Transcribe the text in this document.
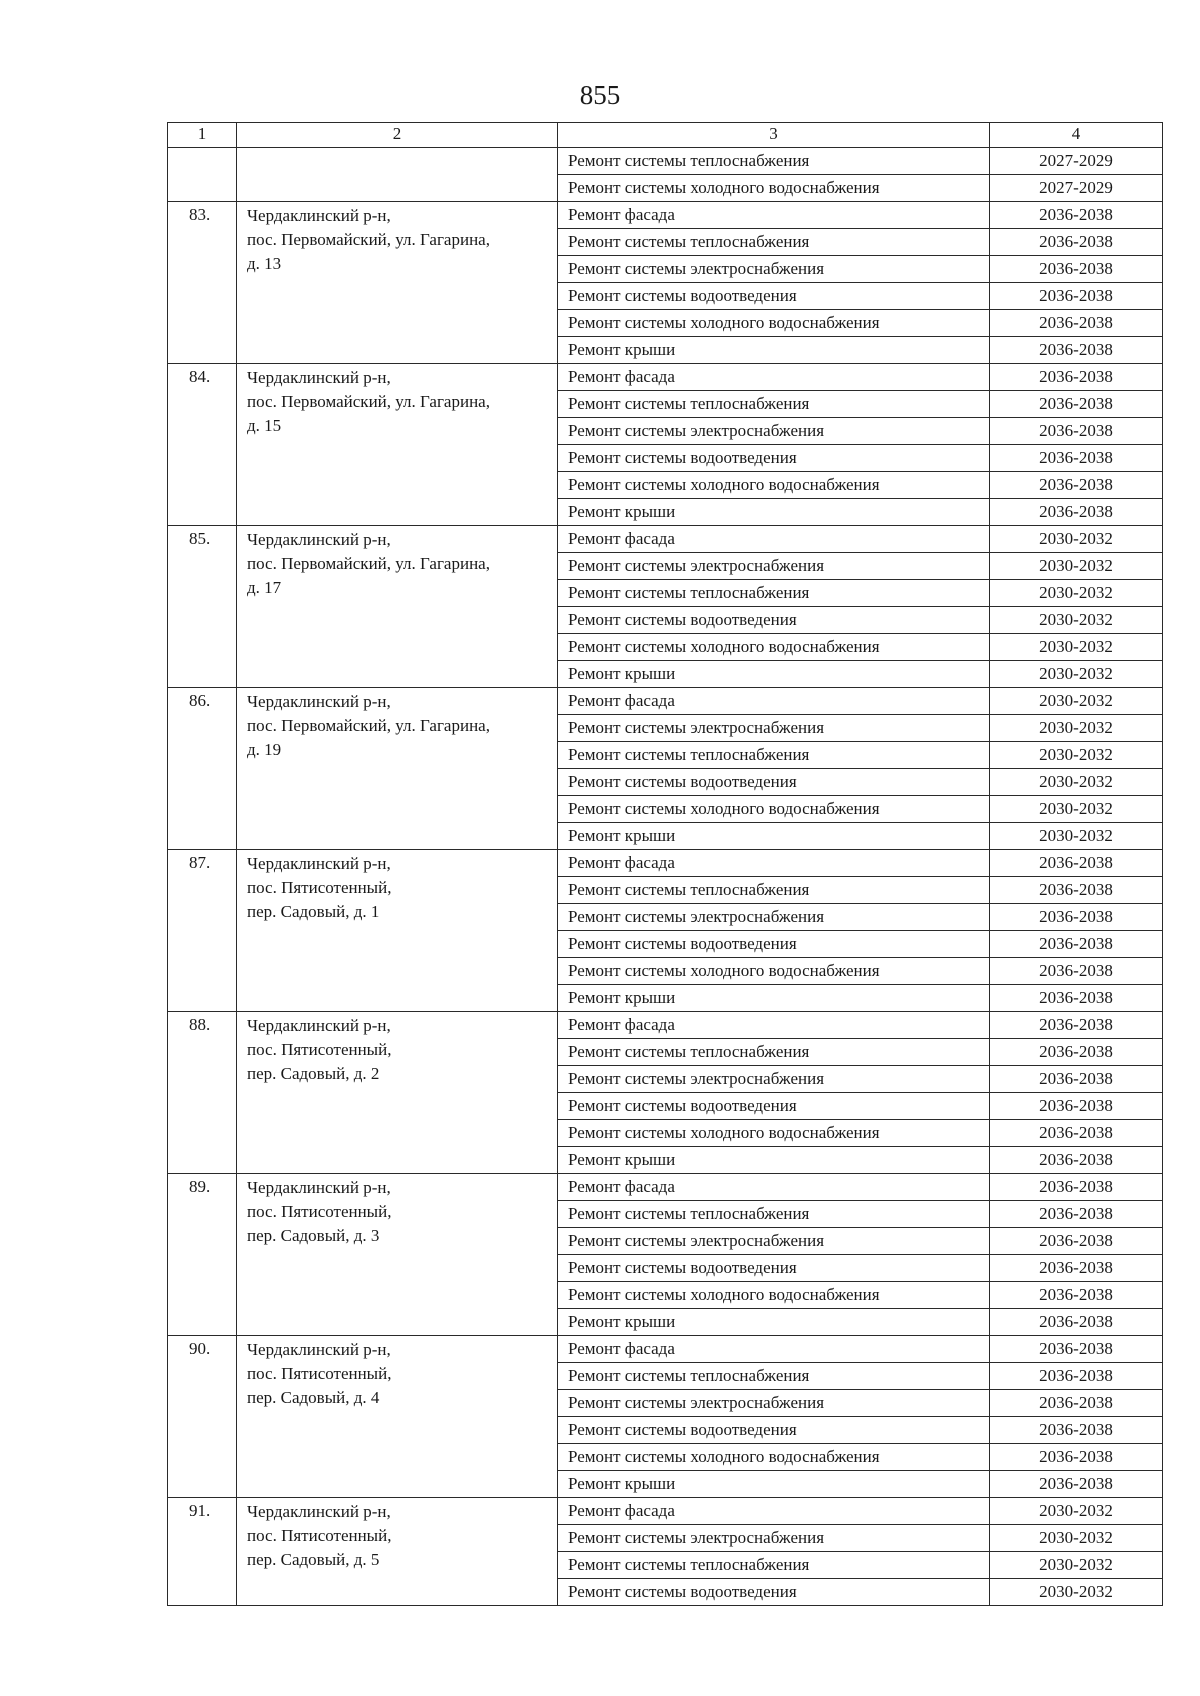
855
1	2	3	4
		Ремонт системы теплоснабжения	2027-2029
		Ремонт системы холодного водоснабжения	2027-2029
83.	Чердаклинский р-н,
пос. Первомайский, ул. Гагарина,
д. 13	Ремонт фасада	2036-2038
		Ремонт системы теплоснабжения	2036-2038
		Ремонт системы электроснабжения	2036-2038
		Ремонт системы водоотведения	2036-2038
		Ремонт системы холодного водоснабжения	2036-2038
		Ремонт крыши	2036-2038
84.	Чердаклинский р-н,
пос. Первомайский, ул. Гагарина,
д. 15	Ремонт фасада	2036-2038
		Ремонт системы теплоснабжения	2036-2038
		Ремонт системы электроснабжения	2036-2038
		Ремонт системы водоотведения	2036-2038
		Ремонт системы холодного водоснабжения	2036-2038
		Ремонт крыши	2036-2038
85.	Чердаклинский р-н,
пос. Первомайский, ул. Гагарина,
д. 17	Ремонт фасада	2030-2032
		Ремонт системы электроснабжения	2030-2032
		Ремонт системы теплоснабжения	2030-2032
		Ремонт системы водоотведения	2030-2032
		Ремонт системы холодного водоснабжения	2030-2032
		Ремонт крыши	2030-2032
86.	Чердаклинский р-н,
пос. Первомайский, ул. Гагарина,
д. 19	Ремонт фасада	2030-2032
		Ремонт системы электроснабжения	2030-2032
		Ремонт системы теплоснабжения	2030-2032
		Ремонт системы водоотведения	2030-2032
		Ремонт системы холодного водоснабжения	2030-2032
		Ремонт крыши	2030-2032
87.	Чердаклинский р-н,
пос. Пятисотенный,
пер. Садовый, д. 1	Ремонт фасада	2036-2038
		Ремонт системы теплоснабжения	2036-2038
		Ремонт системы электроснабжения	2036-2038
		Ремонт системы водоотведения	2036-2038
		Ремонт системы холодного водоснабжения	2036-2038
		Ремонт крыши	2036-2038
88.	Чердаклинский р-н,
пос. Пятисотенный,
пер. Садовый, д. 2	Ремонт фасада	2036-2038
		Ремонт системы теплоснабжения	2036-2038
		Ремонт системы электроснабжения	2036-2038
		Ремонт системы водоотведения	2036-2038
		Ремонт системы холодного водоснабжения	2036-2038
		Ремонт крыши	2036-2038
89.	Чердаклинский р-н,
пос. Пятисотенный,
пер. Садовый, д. 3	Ремонт фасада	2036-2038
		Ремонт системы теплоснабжения	2036-2038
		Ремонт системы электроснабжения	2036-2038
		Ремонт системы водоотведения	2036-2038
		Ремонт системы холодного водоснабжения	2036-2038
		Ремонт крыши	2036-2038
90.	Чердаклинский р-н,
пос. Пятисотенный,
пер. Садовый, д. 4	Ремонт фасада	2036-2038
		Ремонт системы теплоснабжения	2036-2038
		Ремонт системы электроснабжения	2036-2038
		Ремонт системы водоотведения	2036-2038
		Ремонт системы холодного водоснабжения	2036-2038
		Ремонт крыши	2036-2038
91.	Чердаклинский р-н,
пос. Пятисотенный,
пер. Садовый, д. 5	Ремонт фасада	2030-2032
		Ремонт системы электроснабжения	2030-2032
		Ремонт системы теплоснабжения	2030-2032
		Ремонт системы водоотведения	2030-2032
